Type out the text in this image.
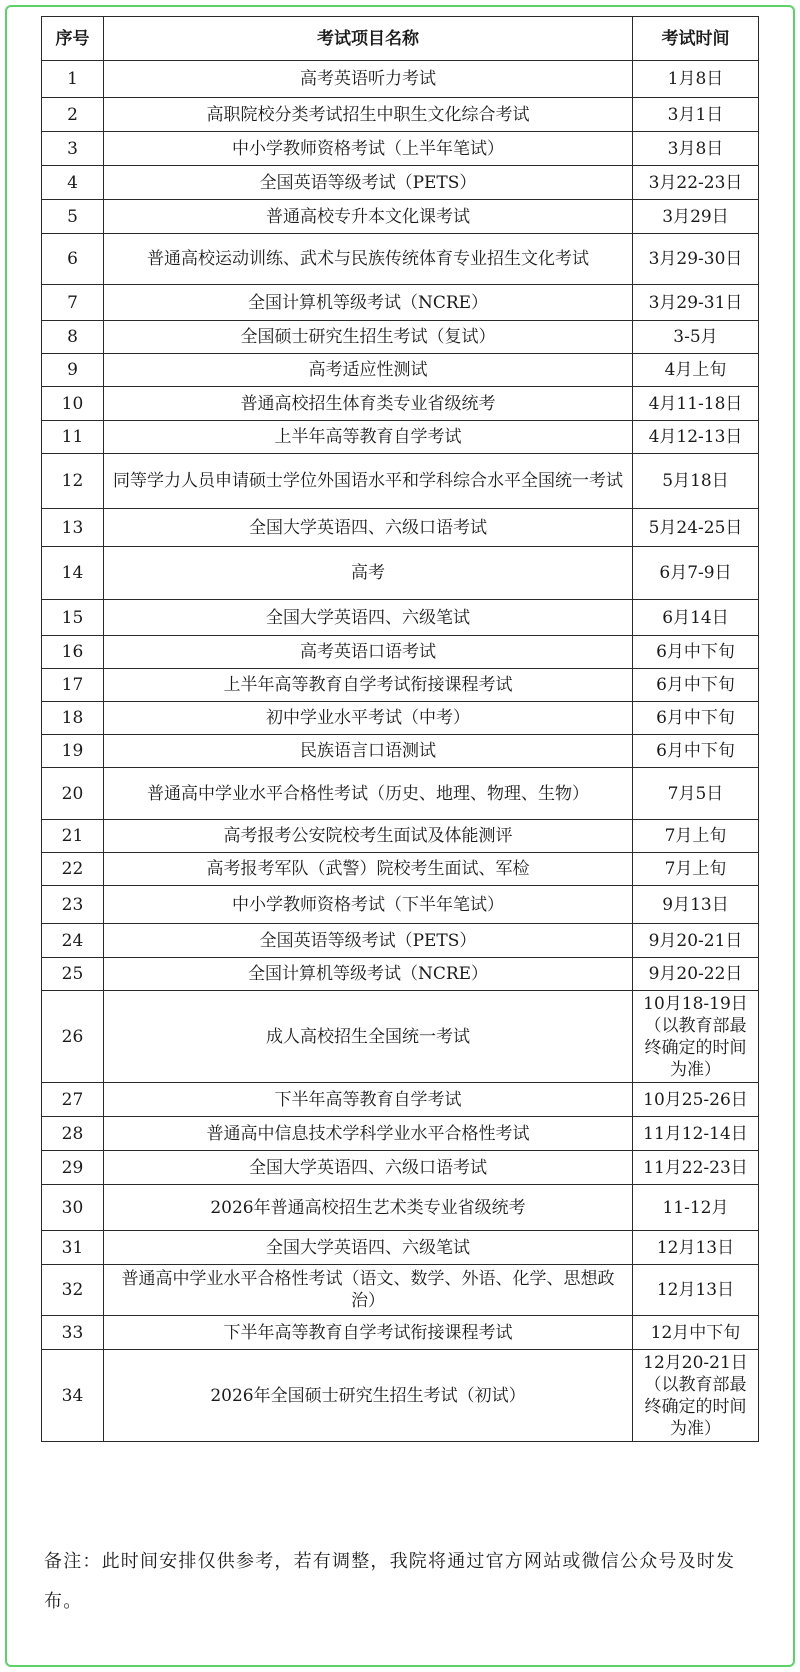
序号	考试项目名称	考试时间
1	高考英语听力考试	1月8日
2	高职院校分类考试招生中职生文化综合考试	3月1日
3	中小学教师资格考试（上半年笔试）	3月8日
4	全国英语等级考试（PETS）	3月22-23日
5	普通高校专升本文化课考试	3月29日
6	普通高校运动训练、武术与民族传统体育专业招生文化考试	3月29-30日
7	全国计算机等级考试（NCRE）	3月29-31日
8	全国硕士研究生招生考试（复试）	3-5月
9	高考适应性测试	4月上旬
10	普通高校招生体育类专业省级统考	4月11-18日
11	上半年高等教育自学考试	4月12-13日
12	同等学力人员申请硕士学位外国语水平和学科综合水平全国统一考试	5月18日
13	全国大学英语四、六级口语考试	5月24-25日
14	高考	6月7-9日
15	全国大学英语四、六级笔试	6月14日
16	高考英语口语考试	6月中下旬
17	上半年高等教育自学考试衔接课程考试	6月中下旬
18	初中学业水平考试（中考）	6月中下旬
19	民族语言口语测试	6月中下旬
20	普通高中学业水平合格性考试（历史、地理、物理、生物）	7月5日
21	高考报考公安院校考生面试及体能测评	7月上旬
22	高考报考军队（武警）院校考生面试、军检	7月上旬
23	中小学教师资格考试（下半年笔试）	9月13日
24	全国英语等级考试（PETS）	9月20-21日
25	全国计算机等级考试（NCRE）	9月20-22日
26	成人高校招生全国统一考试	10月18-19日（以教育部最终确定的时间为准）
27	下半年高等教育自学考试	10月25-26日
28	普通高中信息技术学科学业水平合格性考试	11月12-14日
29	全国大学英语四、六级口语考试	11月22-23日
30	2026年普通高校招生艺术类专业省级统考	11-12月
31	全国大学英语四、六级笔试	12月13日
32	普通高中学业水平合格性考试（语文、数学、外语、化学、思想政治）	12月13日
33	下半年高等教育自学考试衔接课程考试	12月中下旬
34	2026年全国硕士研究生招生考试（初试）	12月20-21日（以教育部最终确定的时间为准）
备注：此时间安排仅供参考，若有调整，我院将通过官方网站或微信公众号及时发布。
